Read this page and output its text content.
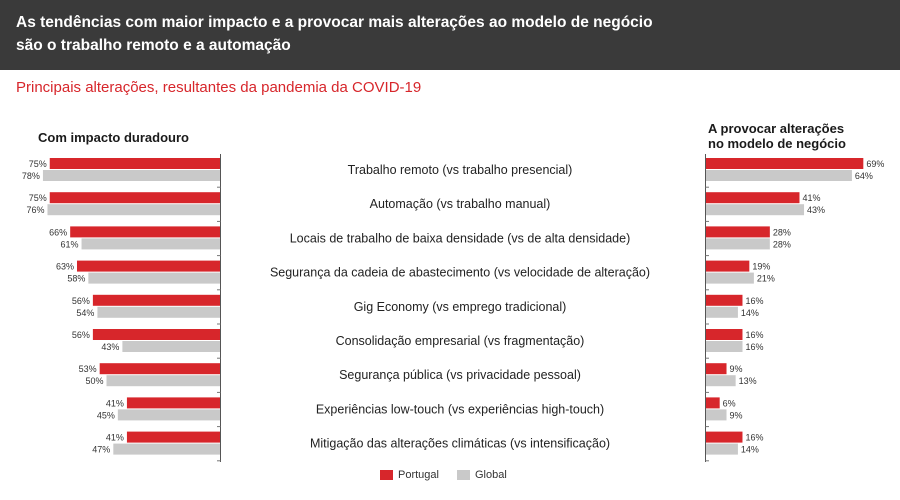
As tendências com maior impacto e a provocar mais alterações ao modelo de negócio
são o trabalho remoto e a automação
Principais alterações, resultantes da pandemia da COVID-19
Com impacto duradouro
A provocar alterações
no modelo de negócio
Trabalho remoto (vs trabalho presencial)
75%
78%
69%
64%
Automação (vs trabalho manual)
75%
76%
41%
43%
Locais de trabalho de baixa densidade (vs de alta densidade)
66%
61%
28%
28%
Segurança da cadeia de abastecimento (vs velocidade de alteração)
63%
58%
19%
21%
Gig Economy (vs emprego tradicional)
56%
54%
16%
14%
Consolidação empresarial (vs fragmentação)
56%
43%
16%
16%
Segurança pública (vs privacidade pessoal)
53%
50%
9%
13%
Experiências low-touch (vs experiências high-touch)
41%
45%
6%
9%
Mitigação das alterações climáticas (vs intensificação)
41%
47%
16%
14%
Portugal	Global
